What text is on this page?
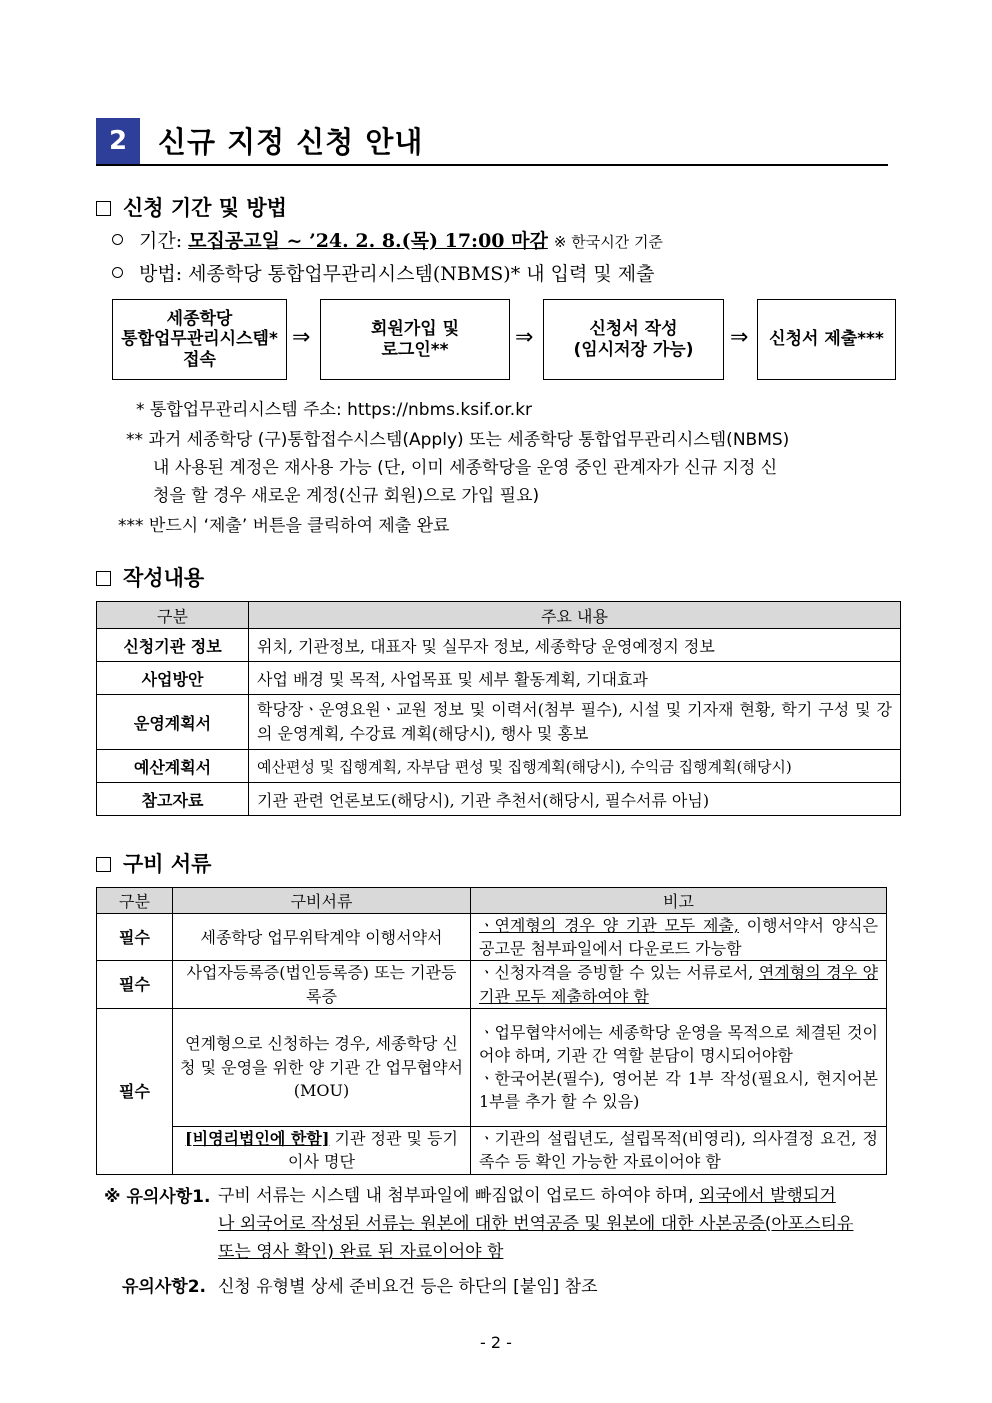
2	신규 지정 신청 안내
신청 기간 및 방법
기간: 모집공고일 ~ ’24. 2. 8.(목) 17:00 마감 ※ 한국시간 기준
방법: 세종학당 통합업무관리시스템(NBMS)* 내 입력 및 제출
세종학당
통합업무관리시스템*
접속
⇒	회원가입 및
로그인**	⇒	신청서 작성
(임시저장 가능) ⇒ 신청서 제출***
* 통합업무관리시스템 주소: https://nbms.ksif.or.kr
** 과거 세종학당 (구)통합접수시스템(Apply) 또는 세종학당 통합업무관리시스템(NBMS)
내 사용된 계정은 재사용 가능 (단, 이미 세종학당을 운영 중인 관계자가 신규 지정 신
청을 할 경우 새로운 계정(신규 회원)으로 가입 필요)
*** 반드시 ‘제출’ 버튼을 클릭하여 제출 완료
작성내용
구분	주요 내용
신청기관 정보	위치, 기관정보, 대표자 및 실무자 정보, 세종학당 운영예정지 정보
사업방안	사업 배경 및 목적, 사업목표 및 세부 활동계획, 기대효과
운영계획서	학당장ㆍ운영요원ㆍ교원 정보 및 이력서(첨부 필수), 시설 및 기자재 현황, 학기 구성 및 강의 운영계획, 수강료 계획(해당시), 행사 및 홍보
예산계획서	예산편성 및 집행계획, 자부담 편성 및 집행계획(해당시), 수익금 집행계획(해당시)
참고자료	기관 관련 언론보도(해당시), 기관 추천서(해당시, 필수서류 아님)
구비 서류
구분	구비서류	비고
필수	세종학당 업무위탁계약 이행서약서	ㆍ연계형의 경우 양 기관 모두 제출, 이행서약서 양식은 공고문 첨부파일에서 다운로드 가능함
필수	사업자등록증(법인등록증) 또는 기관등록증	ㆍ신청자격을 증빙할 수 있는 서류로서, 연계형의 경우 양 기관 모두 제출하여야 함
필수	연계형으로 신청하는 경우, 세종학당 신청 및 운영을 위한 양 기관 간 업무협약서(MOU)	ㆍ업무협약서에는 세종학당 운영을 목적으로 체결된 것이어야 하며, 기관 간 역할 분담이 명시되어야함
ㆍ한국어본(필수), 영어본 각 1부 작성(필요시, 현지어본 1부를 추가 할 수 있음)

	[비영리법인에 한함] 기관 정관 및 등기이사 명단	ㆍ기관의 설립년도, 설립목적(비영리), 의사결정 요건, 정족수 등 확인 가능한 자료이어야 함
※ 유의사항1. 구비 서류는 시스템 내 첨부파일에 빠짐없이 업로드 하여야 하며, 외국에서 발행되거
나 외국어로 작성된 서류는 원본에 대한 번역공증 및 원본에 대한 사본공증(아포스티유
또는 영사 확인) 완료 된 자료이어야 함
유의사항2. 신청 유형별 상세 준비요건 등은 하단의 [붙임] 참조
- 2 -
